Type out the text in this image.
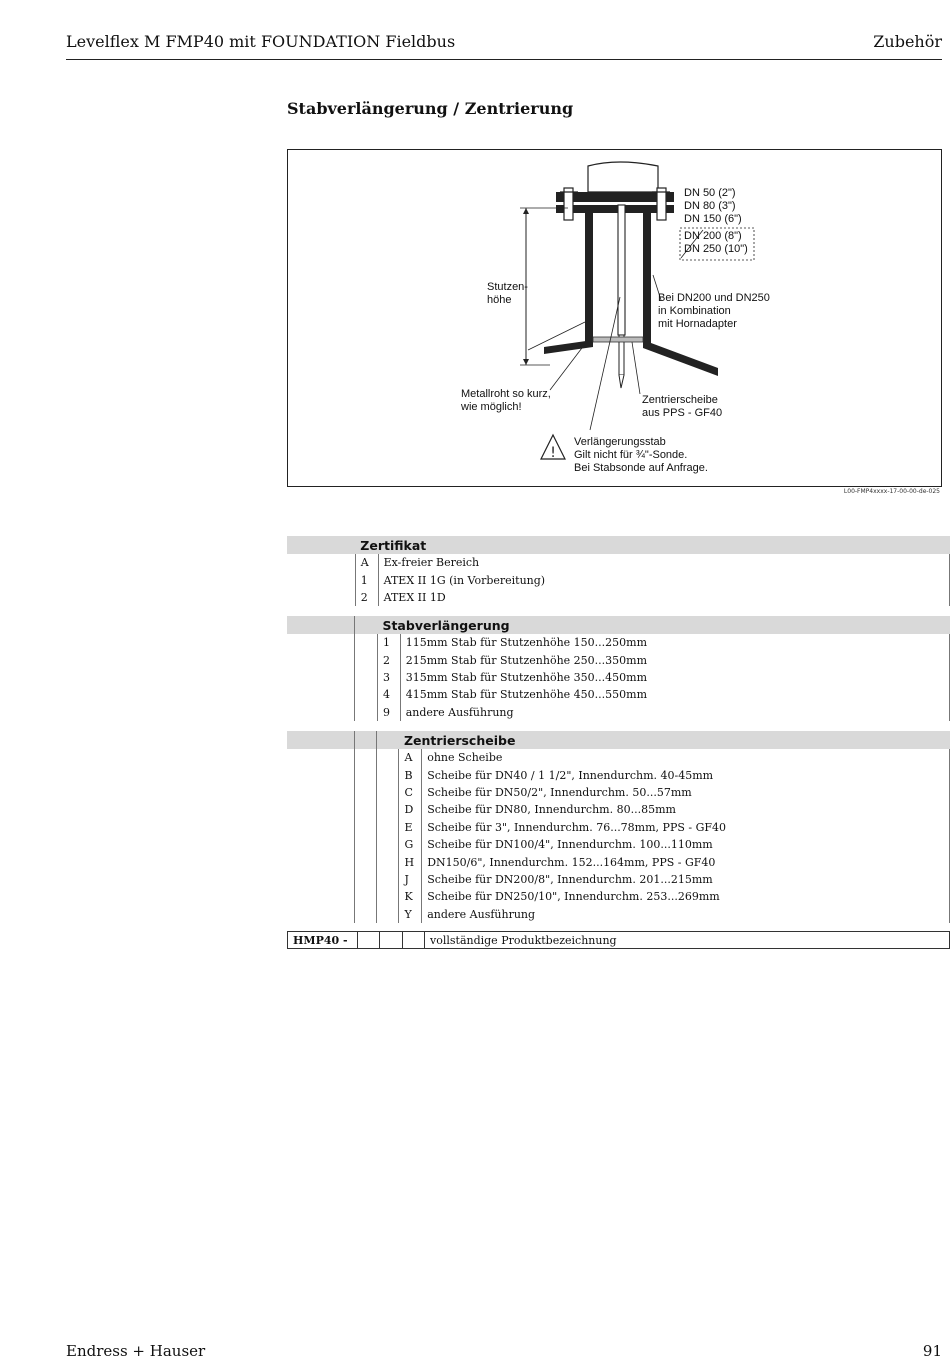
Levelflex M FMP40 mit FOUNDATION Fieldbus	Zubehör
Stabverlängerung / Zentrierung
!
DN 50 (2")
DN 80 (3")
DN 150 (6")
DN 200 (8")
DN 250 (10")
Stutzen-
höhe	Bei DN200 und DN250
in Kombination
mit Hornadapter
Metallroht so kurz,
wie möglich!
Zentrierscheibe
aus PPS - GF40
Verlängerungsstab
Gilt nicht für ¾"-Sonde.
Bei Stabsonde auf Anfrage.
L00-FMP4xxxx-17-00-00-de-025
	Zertifikat			
	A	Ex-freier Bereich		
	1	ATEX II 1G (in Vorbereitung)		
	2	ATEX II 1D		

		Stabverlängerung		
		1	115mm Stab für Stutzenhöhe 150...250mm	
		2	215mm Stab für Stutzenhöhe 250...350mm	
		3	315mm Stab für Stutzenhöhe 350...450mm	
		4	415mm Stab für Stutzenhöhe 450...550mm	
		9	andere Ausführung	

			Zentrierscheibe	
			A	ohne Scheibe
			B	Scheibe für DN40 / 1 1/2", Innendurchm. 40-45mm
			C	Scheibe für DN50/2", Innendurchm. 50...57mm
			D	Scheibe für DN80, Innendurchm. 80...85mm
			E	Scheibe für 3", Innendurchm. 76...78mm, PPS - GF40
			G	Scheibe für DN100/4", Innendurchm. 100...110mm
			H	DN150/6", Innendurchm. 152...164mm, PPS - GF40
			J	Scheibe für DN200/8", Innendurchm. 201...215mm
			K	Scheibe für DN250/10", Innendurchm. 253...269mm
			Y	andere Ausführung
HMP40 -				vollständige Produktbezeichnung
Endress + Hauser	91
